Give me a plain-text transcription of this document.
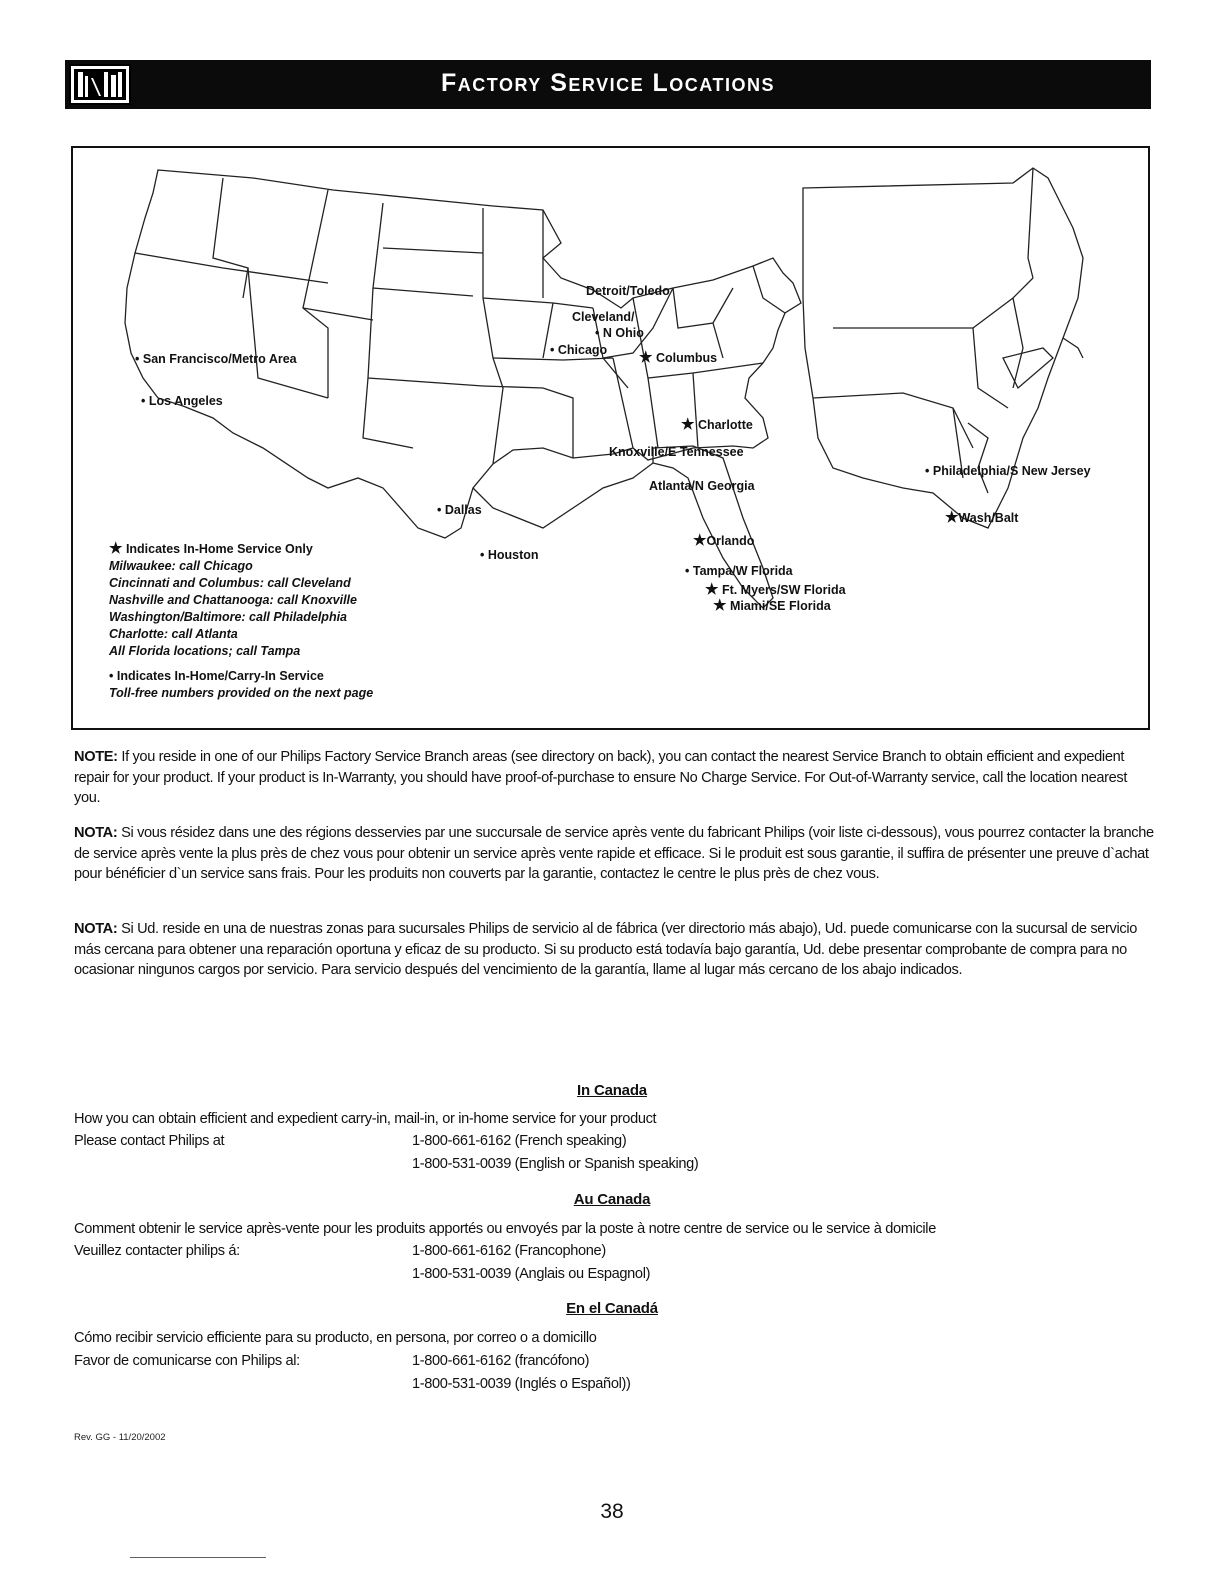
Factory Service Locations
• San Francisco/Metro Area
• Los Angeles
• Dallas
• Houston
Detroit/Toledo
Cleveland/
• N Ohio
• Chicago ★ Columbus
★ Charlotte
Knoxville/E Tennessee
Atlanta/N Georgia
★Orlando
• Tampa/W Florida
★ Ft. Myers/SW Florida
★ Miami/SE Florida
• Philadelphia/S New Jersey
★Wash/Balt
★ Indicates In-Home Service Only
Milwaukee: call Chicago
Cincinnati and Columbus: call Cleveland
Nashville and Chattanooga: call Knoxville
Washington/Baltimore: call Philadelphia
Charlotte: call Atlanta
All Florida locations; call Tampa
• Indicates In-Home/Carry-In Service
Toll-free numbers provided on the next page
NOTE: If you reside in one of our Philips Factory Service Branch areas (see directory on back), you can contact the nearest Service Branch to obtain efficient and expedient repair for your product. If your product is In-Warranty, you should have proof-of-purchase to ensure No Charge Service. For Out-of-Warranty service, call the location nearest you.
NOTA: Si vous résidez dans une des régions desservies par une succursale de service après vente du fabricant Philips (voir liste ci-dessous), vous pourrez contacter la branche de service après vente la plus près de chez vous pour obtenir un service après vente rapide et efficace. Si le produit est sous garantie, il suffira de présenter une preuve d`achat pour bénéficier d`un service sans frais. Pour les produits non couverts par la garantie, contactez le centre le plus près de chez vous.
NOTA: Si Ud. reside en una de nuestras zonas para sucursales Philips de servicio al de fábrica (ver directorio más abajo), Ud. puede comunicarse con la sucursal de servicio más cercana para obtener una reparación oportuna y eficaz de su producto. Si su producto está todavía bajo garantía, Ud. debe presentar comprobante de compra para no ocasionar ningunos cargos por servicio. Para servicio después del vencimiento de la garantía, llame al lugar más cercano de los abajo indicados.
In Canada
How you can obtain efficient and expedient carry-in, mail-in, or in-home service for your product
Please contact Philips at	1-800-661-6162 (French speaking)
1-800-531-0039 (English or Spanish speaking)
Au Canada
Comment obtenir le service après-vente pour les produits apportés ou envoyés par la poste à notre centre de service ou le service à domicile
Veuillez contacter philips á:	1-800-661-6162 (Francophone)
1-800-531-0039 (Anglais ou Espagnol)
En el Canadá
Cómo recibir servicio efficiente para su producto, en persona, por correo o a domicillo
Favor de comunicarse con Philips al:	1-800-661-6162 (francófono)
1-800-531-0039 (Inglés o Español))
Rev. GG - 11/20/2002
38
